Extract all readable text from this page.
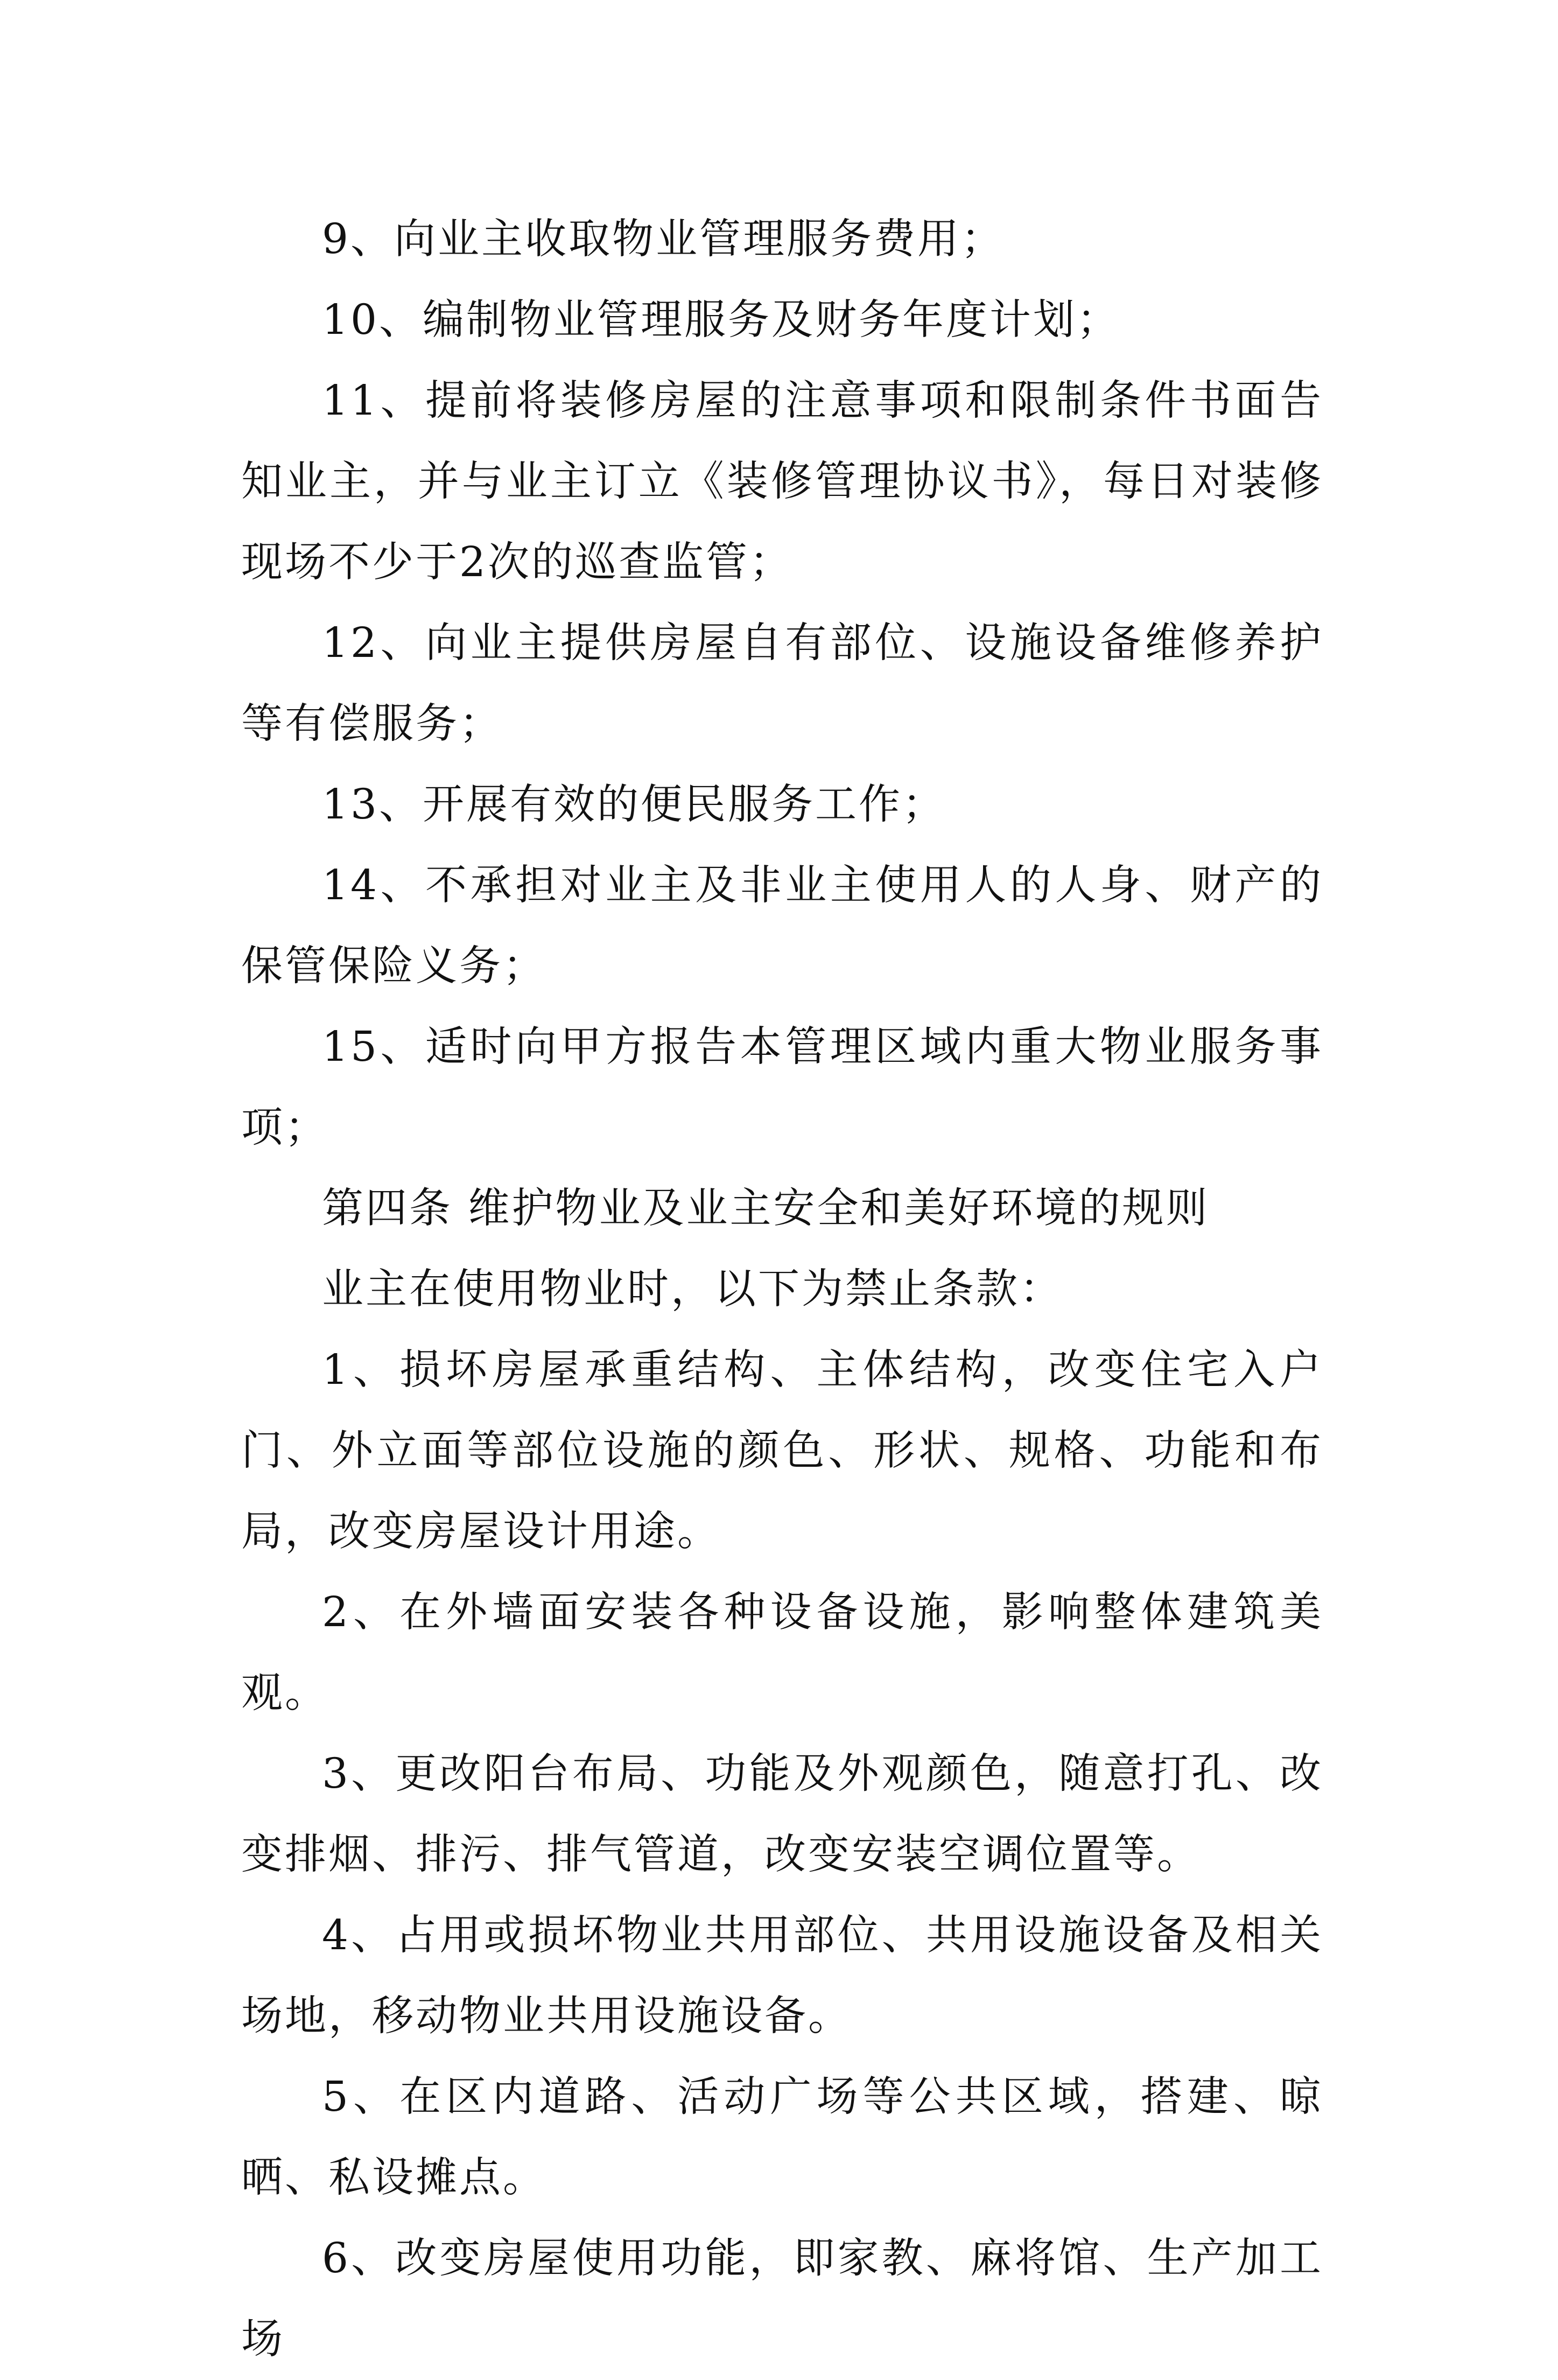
9、向业主收取物业管理服务费用；

10、编制物业管理服务及财务年度计划；

11、提前将装修房屋的注意事项和限制条件书面告知业主，并与业主订立《装修管理协议书》，每日对装修现场不少于2次的巡查监管；

12、向业主提供房屋自有部位、设施设备维修养护等有偿服务；

13、开展有效的便民服务工作；

14、不承担对业主及非业主使用人的人身、财产的保管保险义务；

15、适时向甲方报告本管理区域内重大物业服务事项；

第四条 维护物业及业主安全和美好环境的规则

业主在使用物业时，以下为禁止条款：

1、损坏房屋承重结构、主体结构，改变住宅入户门、外立面等部位设施的颜色、形状、规格、功能和布局，改变房屋设计用途。

2、在外墙面安装各种设备设施，影响整体建筑美观。

3、更改阳台布局、功能及外观颜色，随意打孔、改变排烟、排污、排气管道，改变安装空调位置等。

4、占用或损坏物业共用部位、共用设施设备及相关场地，移动物业共用设施设备。

5、在区内道路、活动广场等公共区域，搭建、晾晒、私设摊点。

6、改变房屋使用功能，即家教、麻将馆、生产加工场
